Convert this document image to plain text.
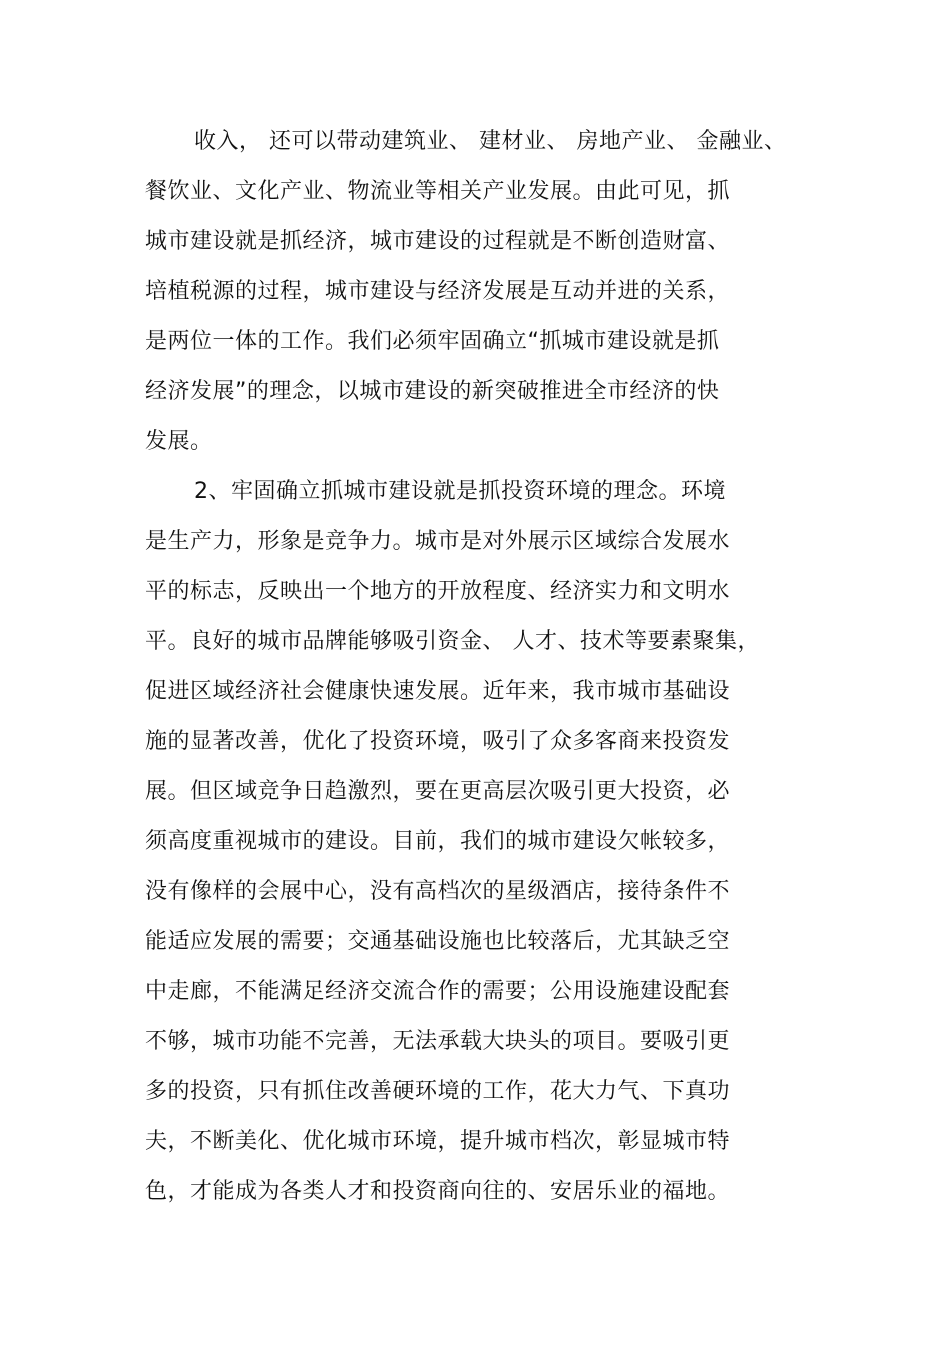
收入， 还可以带动建筑业、 建材业、 房地产业、 金融业、
餐饮业、文化产业、物流业等相关产业发展。由此可见，抓
城市建设就是抓经济，城市建设的过程就是不断创造财富、
培植税源的过程，城市建设与经济发展是互动并进的关系，
是两位一体的工作。我们必须牢固确立“抓城市建设就是抓
经济发展”的理念，以城市建设的新突破推进全市经济的快
发展。
2、牢固确立抓城市建设就是抓投资环境的理念。环境
是生产力，形象是竞争力。城市是对外展示区域综合发展水
平的标志，反映出一个地方的开放程度、经济实力和文明水
平。良好的城市品牌能够吸引资金、 人才、技术等要素聚集，
促进区域经济社会健康快速发展。近年来，我市城市基础设
施的显著改善，优化了投资环境，吸引了众多客商来投资发
展。但区域竞争日趋激烈，要在更高层次吸引更大投资，必
须高度重视城市的建设。目前，我们的城市建设欠帐较多，
没有像样的会展中心，没有高档次的星级酒店，接待条件不
能适应发展的需要；交通基础设施也比较落后，尤其缺乏空
中走廊，不能满足经济交流合作的需要；公用设施建设配套
不够，城市功能不完善，无法承载大块头的项目。要吸引更
多的投资，只有抓住改善硬环境的工作，花大力气、下真功
夫，不断美化、优化城市环境，提升城市档次，彰显城市特
色，才能成为各类人才和投资商向往的、安居乐业的福地。
